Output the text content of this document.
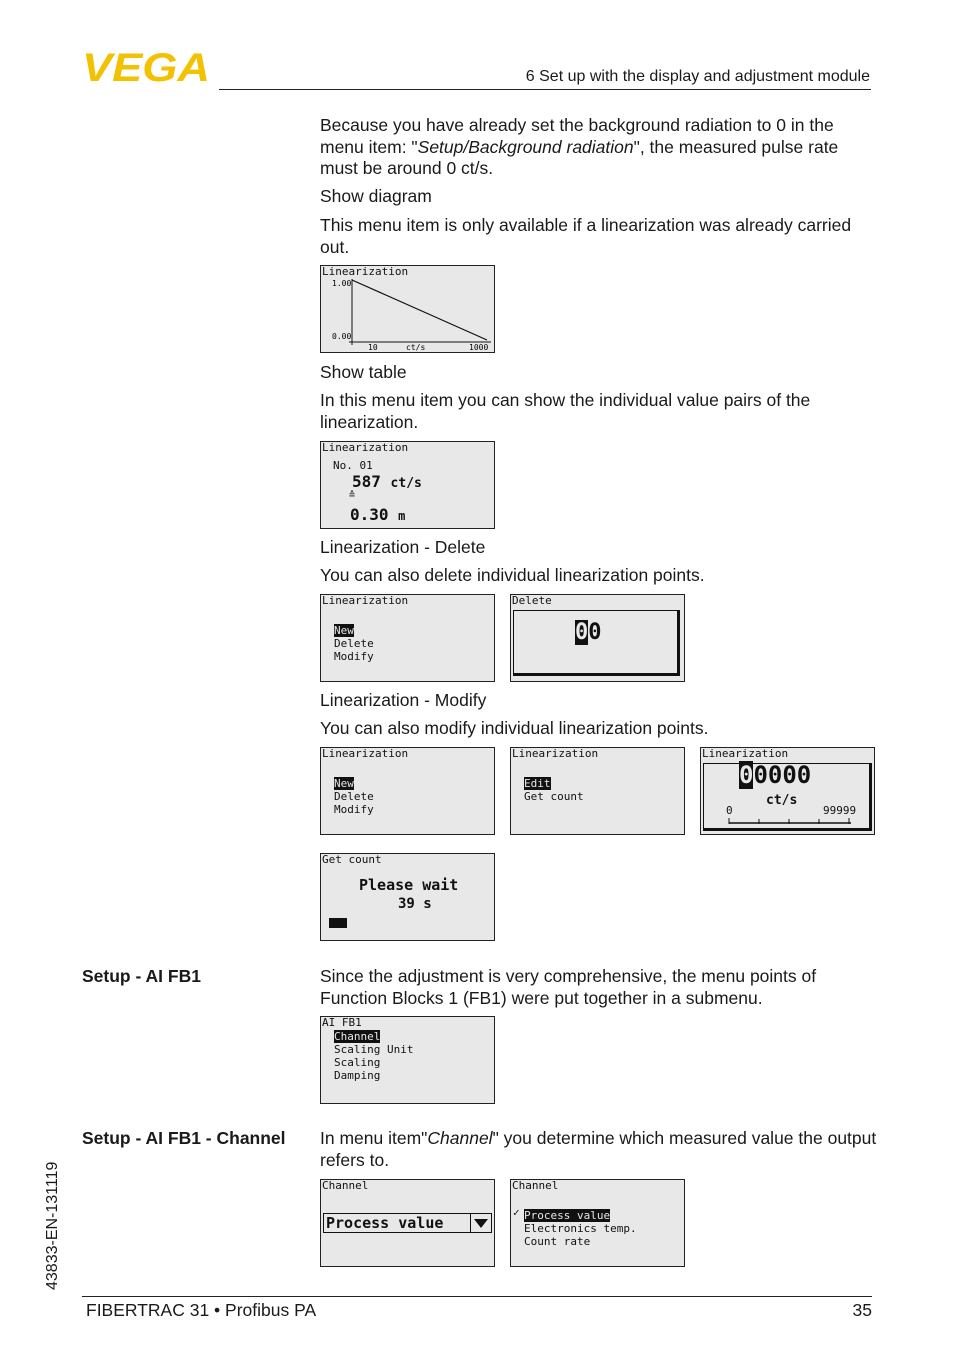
VEGA	6 Set up with the display and adjustment module

Because you have already set the background radiation to 0 in the menu item: "Setup/Background radiation", the measured pulse rate must be around 0 ct/s.

Show diagram

This menu item is only available if a linearization was already carried out.

Linearization
1.00
0.00
10	ct/s	1000

Show table

In this menu item you can show the individual value pairs of the linearization.

Linearization
No. 01
587 ct/s
≙
0.30 m

Linearization - Delete

You can also delete individual linearization points.

Linearization
New
Delete
Modify
Delete
00

Linearization - Modify

You can also modify individual linearization points.

Linearization
New
Delete
Modify
Linearization
Edit
Get count
Linearization
00000
ct/s
0	99999
Get count
Please wait
39 s
Setup - AI FB1	Since the adjustment is very comprehensive, the menu points of Function Blocks 1 (FB1) were put together in a submenu.

AI FB1
Channel
Scaling Unit
Scaling
Damping
Setup - AI FB1 - Channel In menu item"Channel" you determine which measured value the output refers to.

Channel
Process value
Channel
✓ Process value
Electronics temp.
Count rate
43833-EN-131119
FIBERTRAC 31 • Profibus PA	35
